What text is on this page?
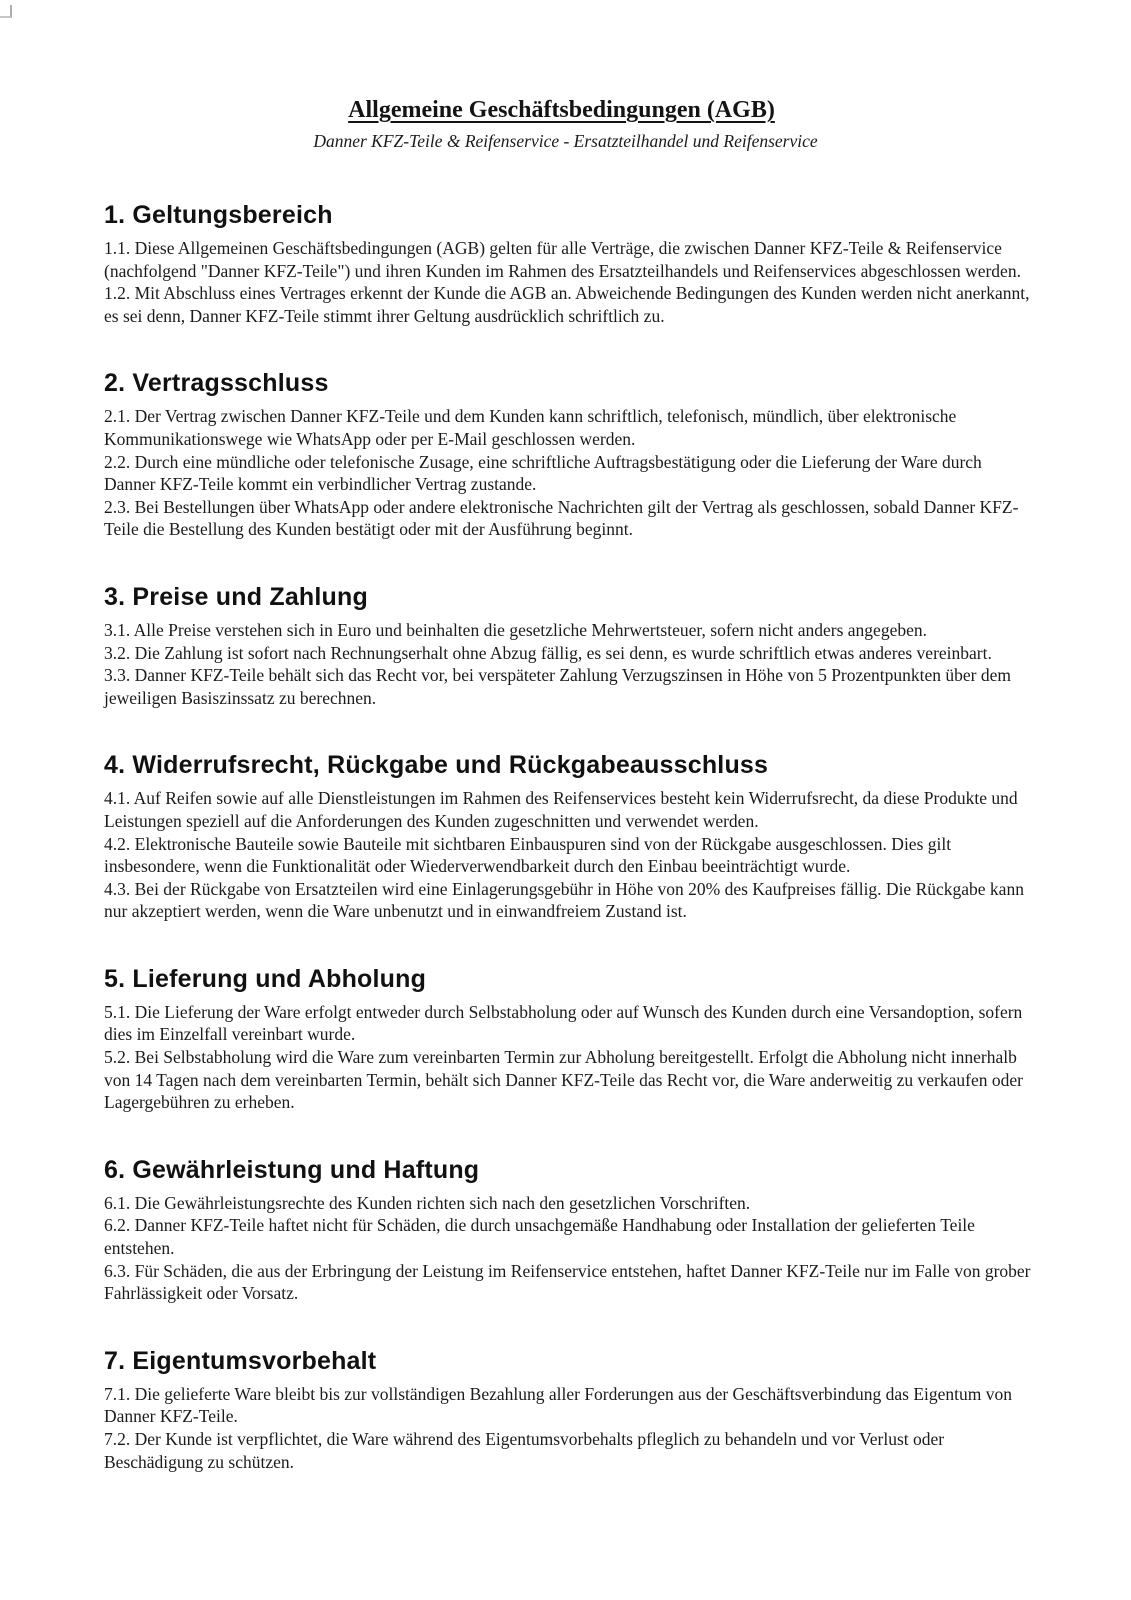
Allgemeine Geschäftsbedingungen (AGB)
Danner KFZ-Teile & Reifenservice - Ersatzteilhandel und Reifenservice
1. Geltungsbereich

1.1. Diese Allgemeinen Geschäftsbedingungen (AGB) gelten für alle Verträge, die zwischen Danner KFZ-Teile & Reifenservice (nachfolgend "Danner KFZ-Teile") und ihren Kunden im Rahmen des Ersatzteilhandels und Reifenservices abgeschlossen werden.

1.2. Mit Abschluss eines Vertrages erkennt der Kunde die AGB an. Abweichende Bedingungen des Kunden werden nicht anerkannt, es sei denn, Danner KFZ-Teile stimmt ihrer Geltung ausdrücklich schriftlich zu.

2. Vertragsschluss

2.1. Der Vertrag zwischen Danner KFZ-Teile und dem Kunden kann schriftlich, telefonisch, mündlich, über elektronische Kommunikationswege wie WhatsApp oder per E-Mail geschlossen werden.

2.2. Durch eine mündliche oder telefonische Zusage, eine schriftliche Auftragsbestätigung oder die Lieferung der Ware durch Danner KFZ-Teile kommt ein verbindlicher Vertrag zustande.

2.3. Bei Bestellungen über WhatsApp oder andere elektronische Nachrichten gilt der Vertrag als geschlossen, sobald Danner KFZ-Teile die Bestellung des Kunden bestätigt oder mit der Ausführung beginnt.

3. Preise und Zahlung

3.1. Alle Preise verstehen sich in Euro und beinhalten die gesetzliche Mehrwertsteuer, sofern nicht anders angegeben.

3.2. Die Zahlung ist sofort nach Rechnungserhalt ohne Abzug fällig, es sei denn, es wurde schriftlich etwas anderes vereinbart.

3.3. Danner KFZ-Teile behält sich das Recht vor, bei verspäteter Zahlung Verzugszinsen in Höhe von 5 Prozentpunkten über dem jeweiligen Basiszinssatz zu berechnen.

4. Widerrufsrecht, Rückgabe und Rückgabeausschluss

4.1. Auf Reifen sowie auf alle Dienstleistungen im Rahmen des Reifenservices besteht kein Widerrufsrecht, da diese Produkte und Leistungen speziell auf die Anforderungen des Kunden zugeschnitten und verwendet werden.

4.2. Elektronische Bauteile sowie Bauteile mit sichtbaren Einbauspuren sind von der Rückgabe ausgeschlossen. Dies gilt insbesondere, wenn die Funktionalität oder Wiederverwendbarkeit durch den Einbau beeinträchtigt wurde.

4.3. Bei der Rückgabe von Ersatzteilen wird eine Einlagerungsgebühr in Höhe von 20% des Kaufpreises fällig. Die Rückgabe kann nur akzeptiert werden, wenn die Ware unbenutzt und in einwandfreiem Zustand ist.

5. Lieferung und Abholung

5.1. Die Lieferung der Ware erfolgt entweder durch Selbstabholung oder auf Wunsch des Kunden durch eine Versandoption, sofern dies im Einzelfall vereinbart wurde.

5.2. Bei Selbstabholung wird die Ware zum vereinbarten Termin zur Abholung bereitgestellt. Erfolgt die Abholung nicht innerhalb von 14 Tagen nach dem vereinbarten Termin, behält sich Danner KFZ-Teile das Recht vor, die Ware anderweitig zu verkaufen oder Lagergebühren zu erheben.

6. Gewährleistung und Haftung

6.1. Die Gewährleistungsrechte des Kunden richten sich nach den gesetzlichen Vorschriften.

6.2. Danner KFZ-Teile haftet nicht für Schäden, die durch unsachgemäße Handhabung oder Installation der gelieferten Teile entstehen.

6.3. Für Schäden, die aus der Erbringung der Leistung im Reifenservice entstehen, haftet Danner KFZ-Teile nur im Falle von grober Fahrlässigkeit oder Vorsatz.

7. Eigentumsvorbehalt

7.1. Die gelieferte Ware bleibt bis zur vollständigen Bezahlung aller Forderungen aus der Geschäftsverbindung das Eigentum von Danner KFZ-Teile.

7.2. Der Kunde ist verpflichtet, die Ware während des Eigentumsvorbehalts pfleglich zu behandeln und vor Verlust oder Beschädigung zu schützen.
